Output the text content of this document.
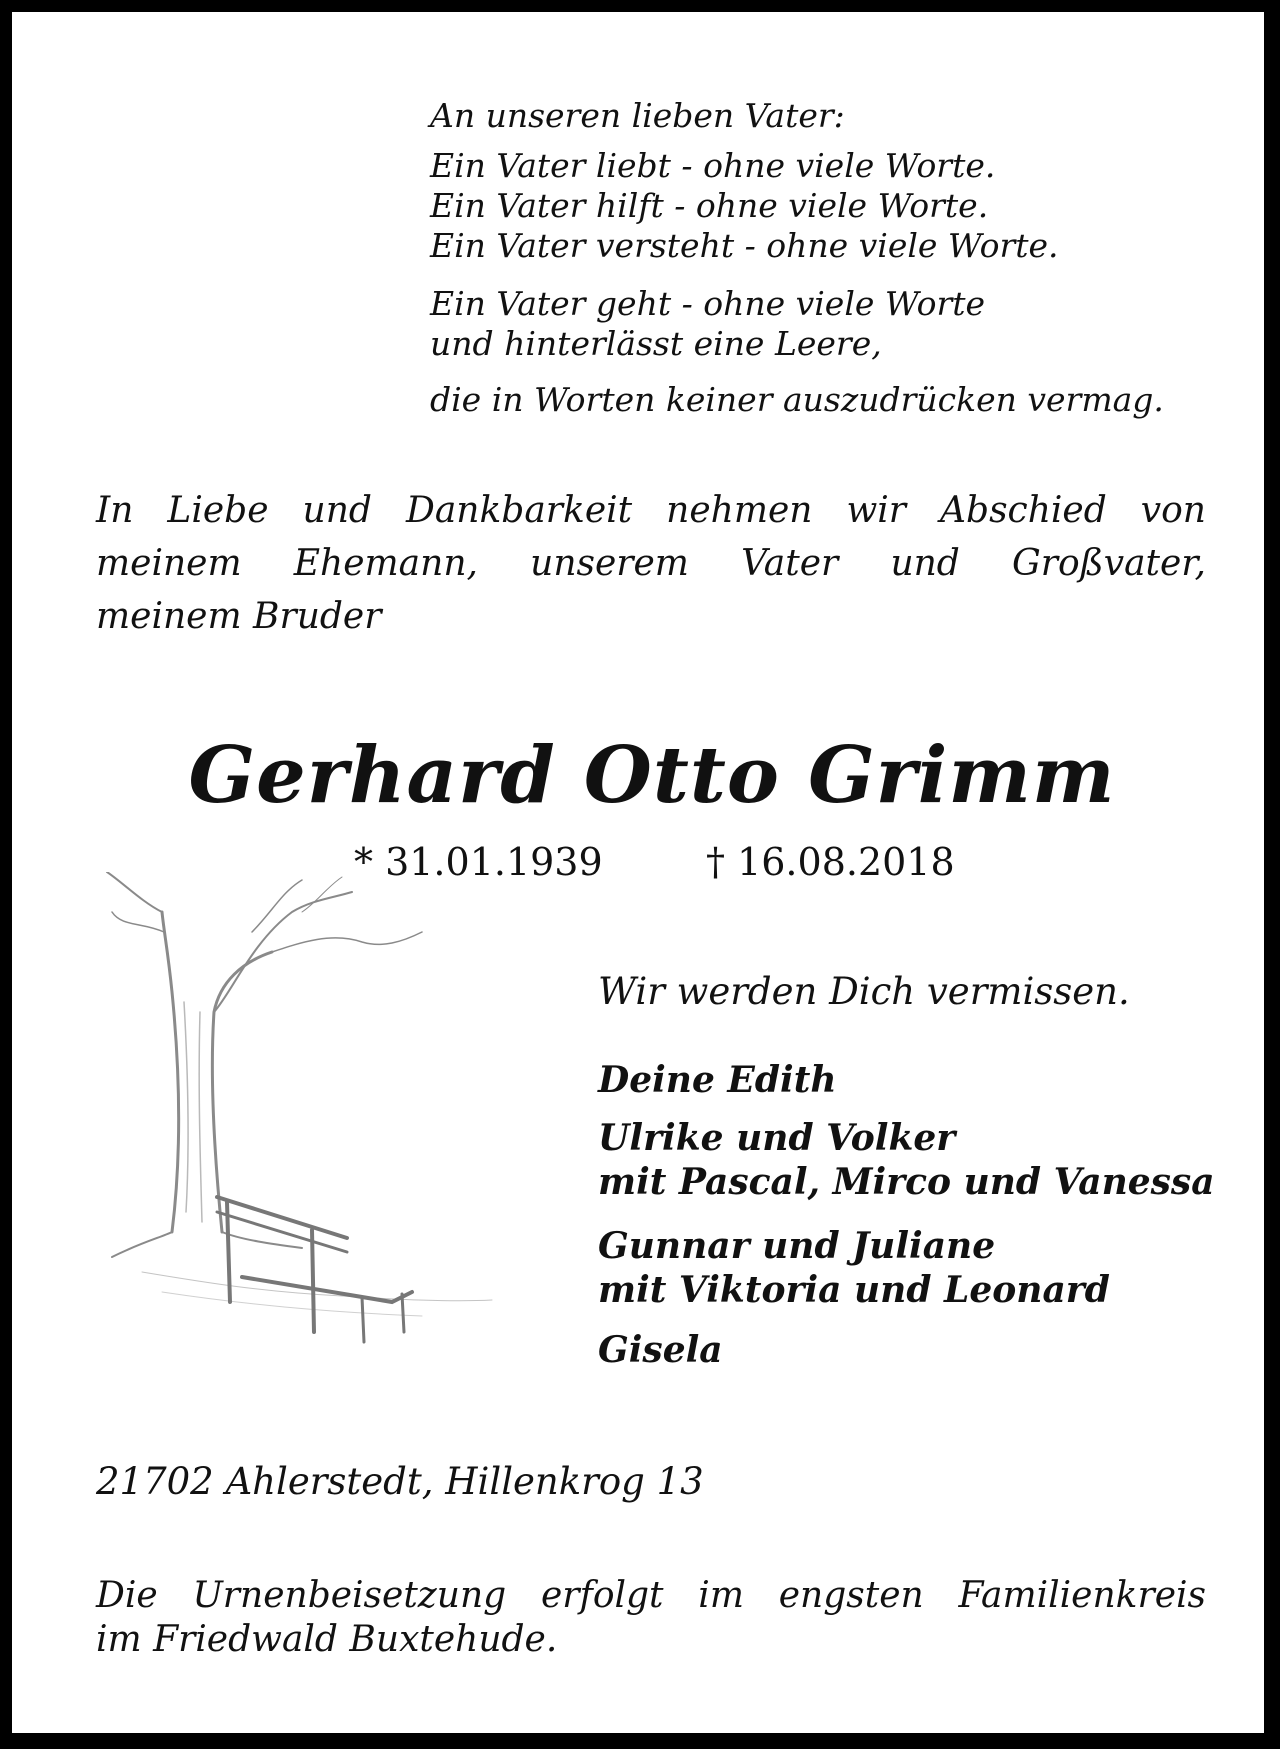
An unseren lieben Vater:

Ein Vater liebt - ohne viele Worte.
Ein Vater hilft - ohne viele Worte.
Ein Vater versteht - ohne viele Worte.

Ein Vater geht - ohne viele Worte
und hinterlässt eine Leere,

die in Worten keiner auszudrücken vermag.

In Liebe und Dankbarkeit nehmen wir Abschied von
meinem Ehemann, unserem Vater und Großvater,
meinem Bruder
Gerhard Otto Grimm
* 31.01.1939	† 16.08.2018
Wir werden Dich vermissen.

Deine Edith

Ulrike und Volker
mit Pascal, Mirco und Vanessa

Gunnar und Juliane
mit Viktoria und Leonard

Gisela

21702 Ahlerstedt, Hillenkrog 13
Die Urnenbeisetzung erfolgt im engsten Familienkreis
im Friedwald Buxtehude.
